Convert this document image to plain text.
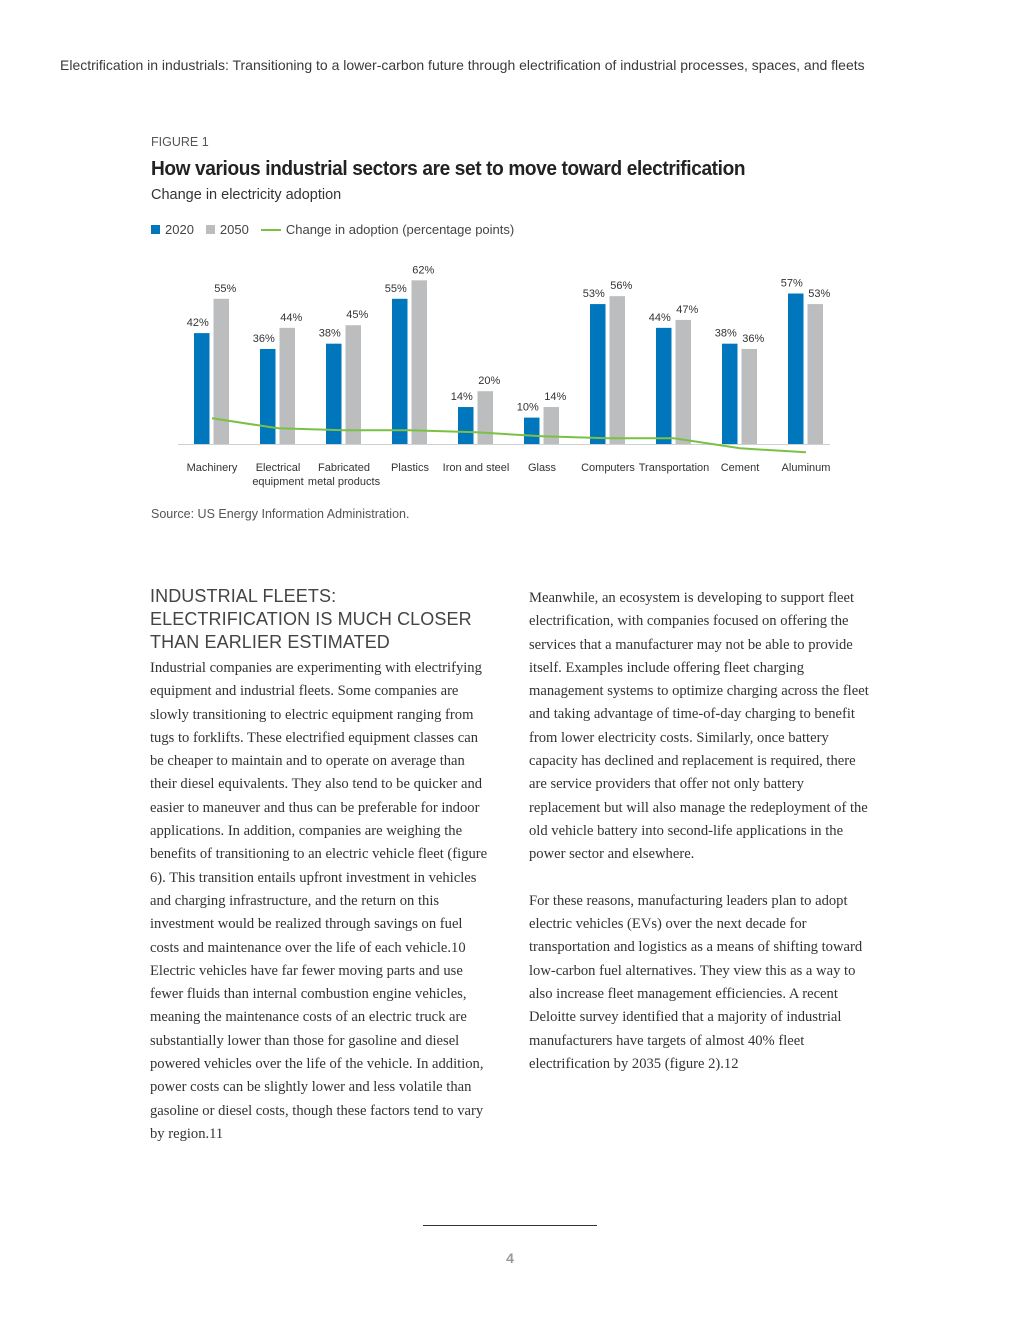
Electrification in industrials: Transitioning to a lower-carbon future through electrification of industrial processes, spaces, and fleets
FIGURE 1
How various industrial sectors are set to move toward electrification
Change in electricity adoption
2020 2050	Change in adoption (percentage points)
42%
55%
Machinery
36%
44%
Electrical equipment
38%
45%
Fabricated metal products
55%
62%
Plastics
14%
20%
Iron and steel
10%
14%
Glass
53%
56%
Computers
44%
47%
Transportation
38% 36%
Cement
57%
53%
Aluminum
Source: US Energy Information Administration.
INDUSTRIAL FLEETS: ELECTRIFICATION IS MUCH CLOSER THAN EARLIER ESTIMATED

Industrial companies are experimenting with electrifying equipment and industrial fleets. Some companies are slowly transitioning to electric equipment ranging from tugs to forklifts. These electrified equipment classes can be cheaper to maintain and to operate on average than their diesel equivalents. They also tend to be quicker and easier to maneuver and thus can be preferable for indoor applications. In addition, companies are weighing the benefits of transitioning to an electric vehicle fleet (figure 6). This transition entails upfront investment in vehicles and charging infrastructure, and the return on this investment would be realized through savings on fuel costs and maintenance over the life of each vehicle.10 Electric vehicles have far fewer moving parts and use fewer fluids than internal combustion engine vehicles, meaning the maintenance costs of an electric truck are substantially lower than those for gasoline and diesel powered vehicles over the life of the vehicle. In addition, power costs can be slightly lower and less volatile than gasoline or diesel costs, though these factors tend to vary by region.11

Meanwhile, an ecosystem is developing to support fleet electrification, with companies focused on offering the services that a manufacturer may not be able to provide itself. Examples include offering fleet charging management systems to optimize charging across the fleet and taking advantage of time-of-day charging to benefit from lower electricity costs. Similarly, once battery capacity has declined and replacement is required, there are service providers that offer not only battery replacement but will also manage the redeployment of the old vehicle battery into second-life applications in the power sector and elsewhere.

For these reasons, manufacturing leaders plan to adopt electric vehicles (EVs) over the next decade for transportation and logistics as a means of shifting toward low-carbon fuel alternatives. They view this as a way to also increase fleet management efficiencies. A recent Deloitte survey identified that a majority of industrial manufacturers have targets of almost 40% fleet electrification by 2035 (figure 2).12

4
